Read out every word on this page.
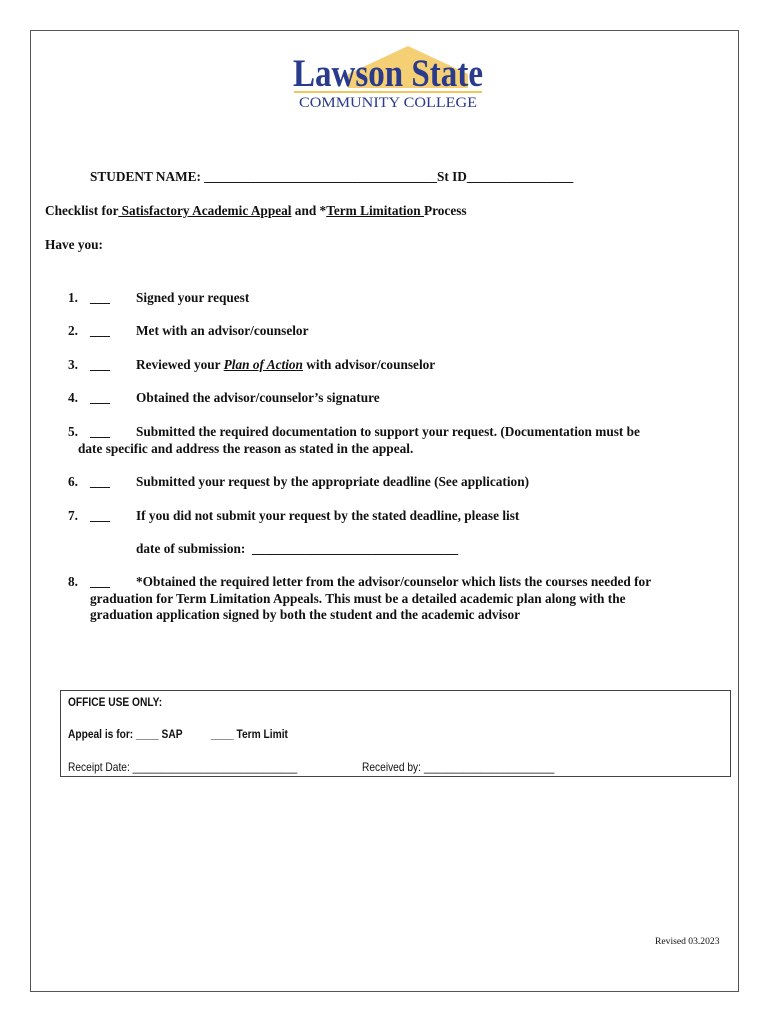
Lawson State
COMMUNITY COLLEGE
STUDENT NAME: ___________________________________St ID________________
Checklist for Satisfactory Academic Appeal and *Term Limitation Process
Have you:
1. ___ Signed your request
2. ___ Met with an advisor/counselor
3. ___ Reviewed your Plan of Action with advisor/counselor
4. ___ Obtained the advisor/counselor’s signature
5. ___ Submitted the required documentation to support your request. (Documentation must be
date specific and address the reason as stated in the appeal.
6. ___ Submitted your request by the appropriate deadline (See application)
7. ___ If you did not submit your request by the stated deadline, please list
date of submission: _______________________________
8. ___ *Obtained the required letter from the advisor/counselor which lists the courses needed for
graduation for Term Limitation Appeals. This must be a detailed academic plan along with the
graduation application signed by both the student and the academic advisor
OFFICE USE ONLY:
Appeal is for: ____ SAP ____ Term Limit
Receipt Date: _____________________________	Received by: _______________________
Revised 03.2023
